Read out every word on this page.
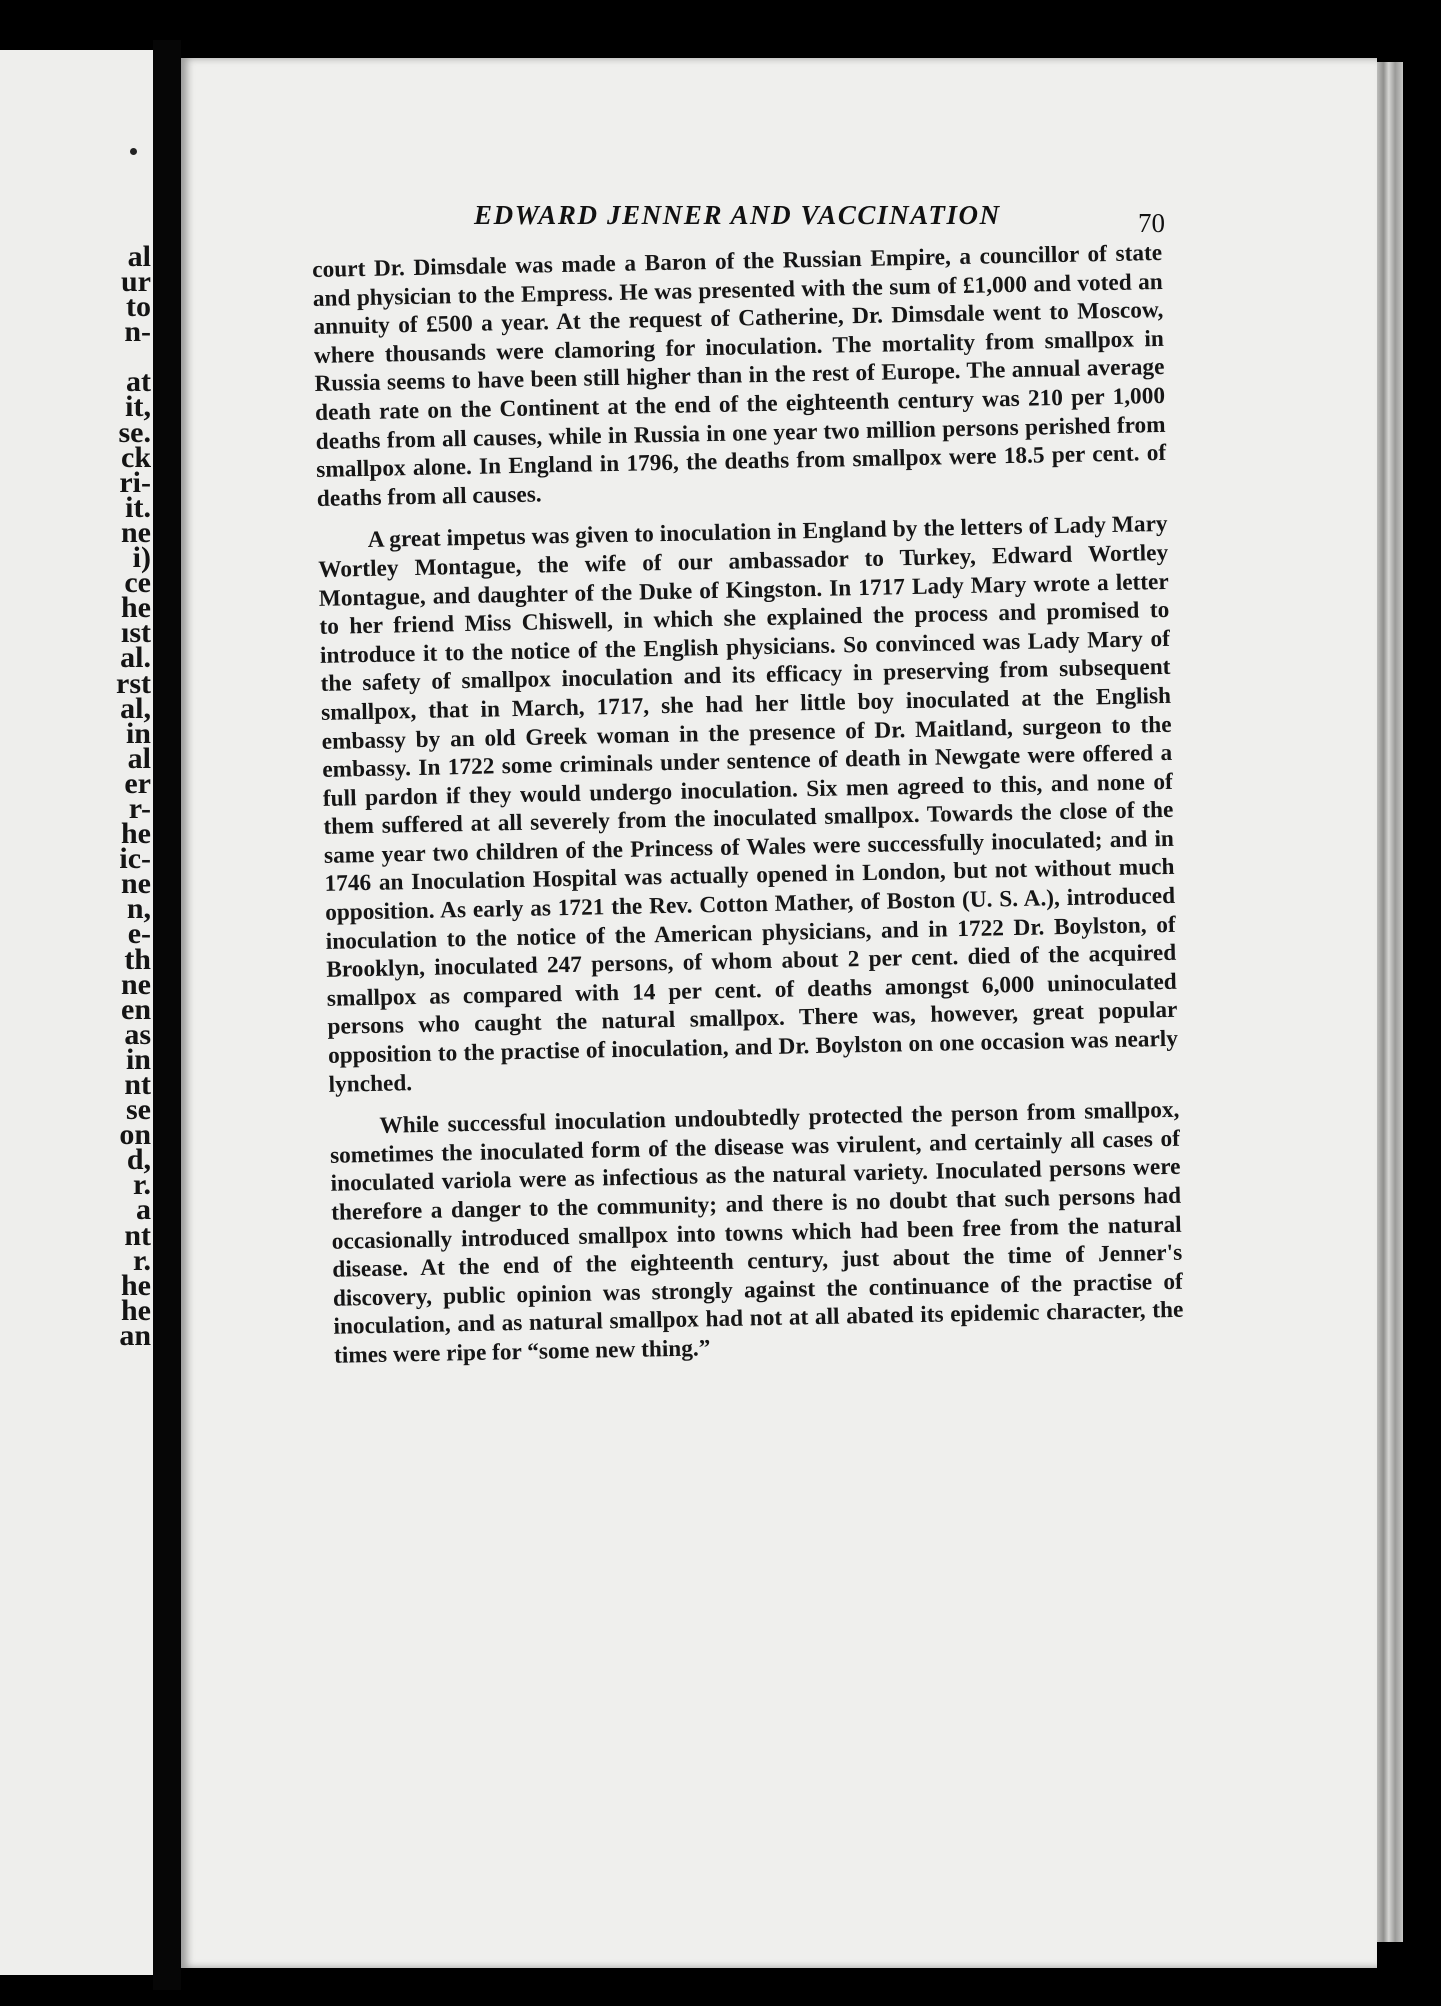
al
ur
to
n-
at
it,
se.
ck
ri-
it.
ne
i)
ce
he
ıst
al.
rst
al,
in
al
er
r-
he
ic-
ne
n,
e-
th
ne
en
as
in
nt
se
on
d,
r.
a
nt
r.
he
he
an
EDWARD JENNER AND VACCINATION	70

court Dr. Dimsdale was made a Baron of the Russian Empire, a councillor of state and physician to the Empress. He was presented with the sum of £1,000 and voted an annuity of £500 a year. At the request of Catherine, Dr. Dimsdale went to Moscow, where thousands were clamoring for inoculation. The mortality from smallpox in Russia seems to have been still higher than in the rest of Europe. The annual average death rate on the Continent at the end of the eighteenth century was 210 per 1,000 deaths from all causes, while in Russia in one year two million persons perished from smallpox alone. In England in 1796, the deaths from smallpox were 18.5 per cent. of deaths from all causes.

A great impetus was given to inoculation in England by the letters of Lady Mary Wortley Montague, the wife of our ambassador to Turkey, Edward Wortley Montague, and daughter of the Duke of Kingston. In 1717 Lady Mary wrote a letter to her friend Miss Chiswell, in which she explained the process and promised to introduce it to the notice of the English physicians. So convinced was Lady Mary of the safety of smallpox inoculation and its efficacy in preserving from subsequent smallpox, that in March, 1717, she had her little boy inoculated at the English embassy by an old Greek woman in the presence of Dr. Maitland, surgeon to the embassy. In 1722 some criminals under sentence of death in Newgate were offered a full pardon if they would undergo inoculation. Six men agreed to this, and none of them suffered at all severely from the inoculated smallpox. Towards the close of the same year two children of the Princess of Wales were successfully inoculated; and in 1746 an Inoculation Hospital was actually opened in London, but not without much opposition. As early as 1721 the Rev. Cotton Mather, of Boston (U. S. A.), introduced inoculation to the notice of the American physicians, and in 1722 Dr. Boylston, of Brooklyn, inoculated 247 persons, of whom about 2 per cent. died of the acquired smallpox as compared with 14 per cent. of deaths amongst 6,000 uninoculated persons who caught the natural smallpox. There was, however, great popular opposition to the practise of inoculation, and Dr. Boylston on one occasion was nearly lynched.

While successful inoculation undoubtedly protected the person from smallpox, sometimes the inoculated form of the disease was virulent, and certainly all cases of inoculated variola were as infectious as the natural variety. Inoculated persons were therefore a danger to the community; and there is no doubt that such persons had occasionally introduced smallpox into towns which had been free from the natural disease. At the end of the eighteenth century, just about the time of Jenner's discovery, public opinion was strongly against the continuance of the practise of inoculation, and as natural smallpox had not at all abated its epidemic character, the times were ripe for “some new thing.”
